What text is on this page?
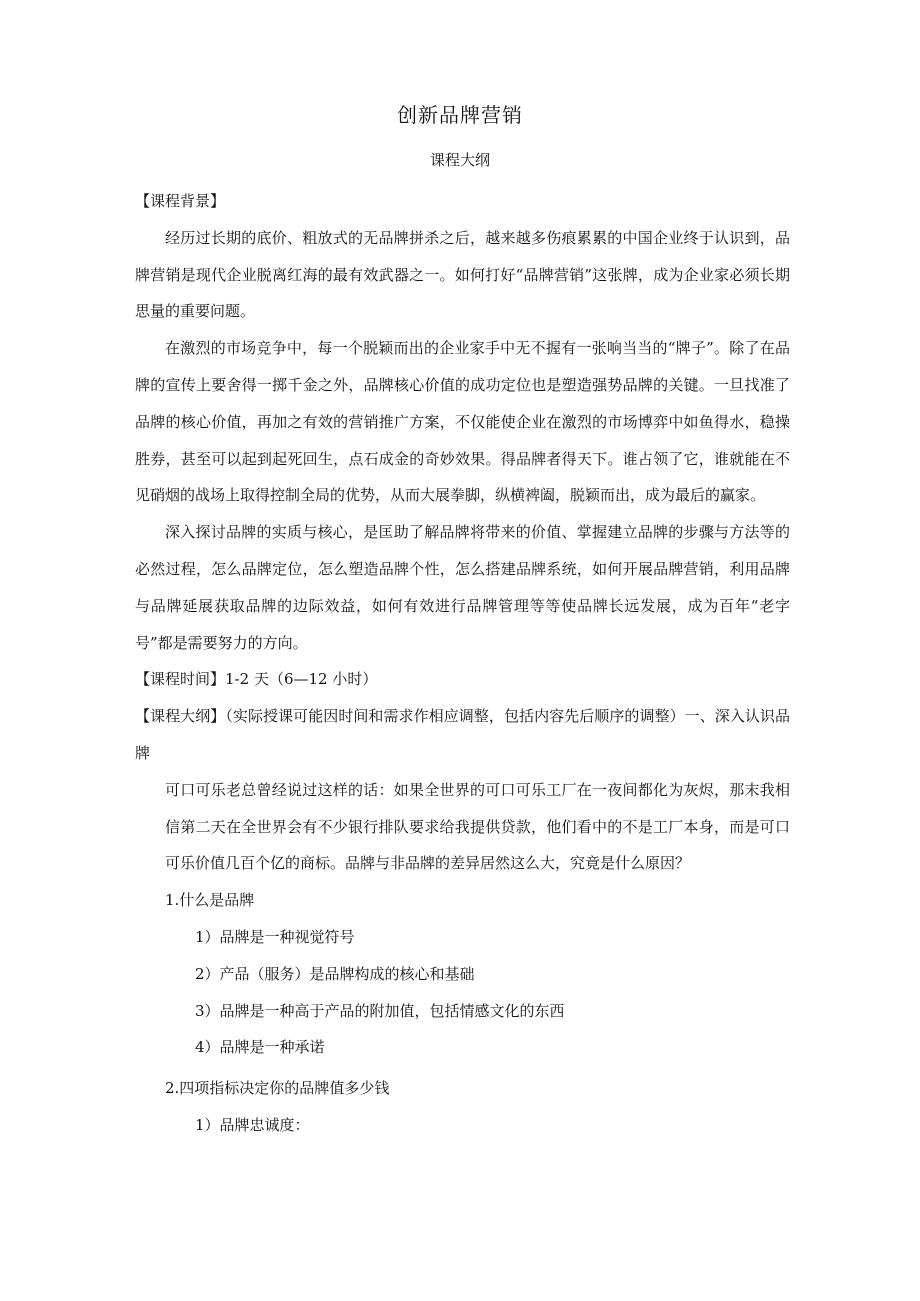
创新品牌营销
课程大纲

【课程背景】

经历过长期的底价、粗放式的无品牌拼杀之后，越来越多伤痕累累的中国企业终于认识到，品牌营销是现代企业脱离红海的最有效武器之一。如何打好“品牌营销”这张牌，成为企业家必须长期思量的重要问题。

在激烈的市场竞争中，每一个脱颖而出的企业家手中无不握有一张响当当的“牌子”。除了在品牌的宣传上要舍得一掷千金之外，品牌核心价值的成功定位也是塑造强势品牌的关键。一旦找准了品牌的核心价值，再加之有效的营销推广方案，不仅能使企业在激烈的市场博弈中如鱼得水，稳操胜券，甚至可以起到起死回生，点石成金的奇妙效果。得品牌者得天下。谁占领了它，谁就能在不见硝烟的战场上取得控制全局的优势，从而大展拳脚，纵横裨阖，脱颖而出，成为最后的赢家。

深入探讨品牌的实质与核心，是匡助了解品牌将带来的价值、掌握建立品牌的步骤与方法等的必然过程，怎么品牌定位，怎么塑造品牌个性，怎么搭建品牌系统，如何开展品牌营销，利用品牌与品牌延展获取品牌的边际效益，如何有效进行品牌管理等等使品牌长远发展，成为百年“老字号”都是需要努力的方向。

【课程时间】1-2 天（6—12 小时）

【课程大纲】（实际授课可能因时间和需求作相应调整，包括内容先后顺序的调整）一、深入认识品牌

可口可乐老总曾经说过这样的话：如果全世界的可口可乐工厂在一夜间都化为灰烬，那末我相信第二天在全世界会有不少银行排队要求给我提供贷款，他们看中的不是工厂本身，而是可口可乐价值几百个亿的商标。品牌与非品牌的差异居然这么大，究竟是什么原因？

1.什么是品牌

1）品牌是一种视觉符号

2）产品（服务）是品牌构成的核心和基础

3）品牌是一种高于产品的附加值，包括情感文化的东西

4）品牌是一种承诺

2.四项指标决定你的品牌值多少钱

1）品牌忠诚度：
